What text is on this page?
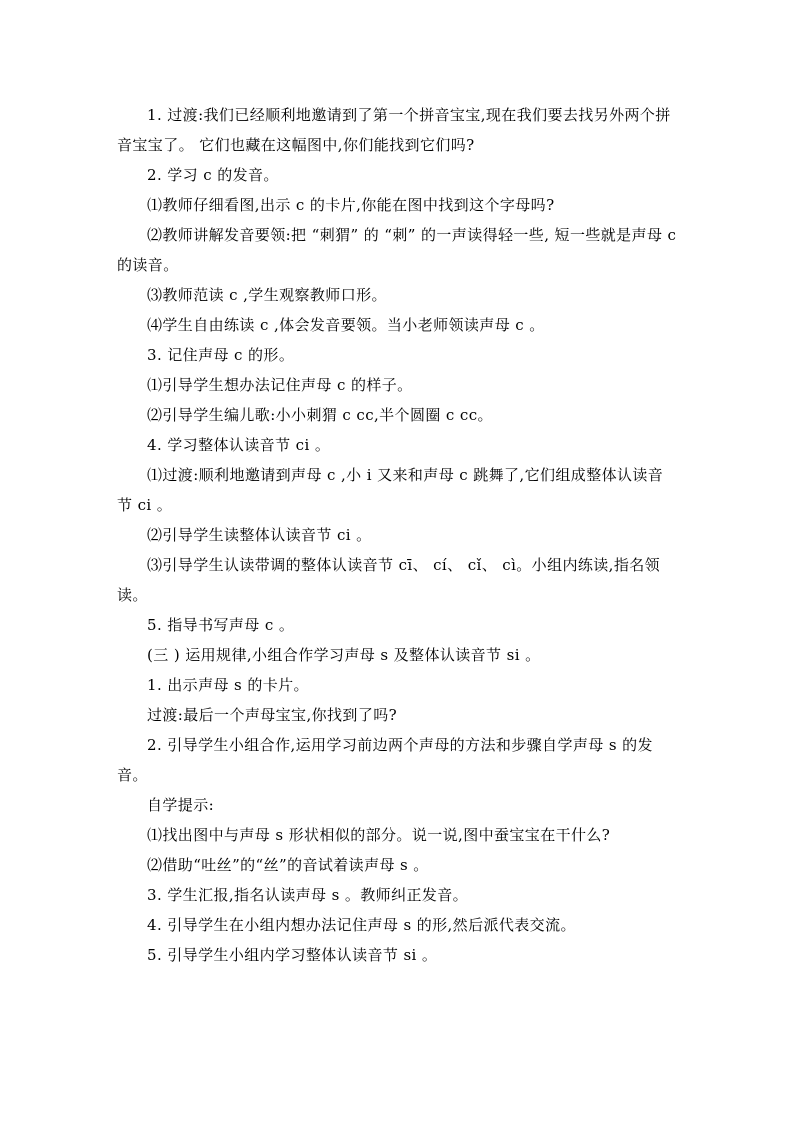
1. 过渡:我们已经顺利地邀请到了第一个拼音宝宝,现在我们要去找另外两个拼音宝宝了。 它们也藏在这幅图中,你们能找到它们吗?

2. 学习 c 的发音。

⑴教师仔细看图,出示 c 的卡片,你能在图中找到这个字母吗?

⑵教师讲解发音要领:把 “刺猬” 的 “刺” 的一声读得轻一些, 短一些就是声母 c 的读音。

⑶教师范读 c ,学生观察教师口形。

⑷学生自由练读 c ,体会发音要领。当小老师领读声母 c 。

3. 记住声母 c 的形。

⑴引导学生想办法记住声母 c 的样子。

⑵引导学生编儿歌:小小刺猬 c cc,半个圆圈 c cc。

4. 学习整体认读音节 ci 。

⑴过渡:顺利地邀请到声母 c ,小 i 又来和声母 c 跳舞了,它们组成整体认读音节 ci 。

⑵引导学生读整体认读音节 ci 。

⑶引导学生认读带调的整体认读音节 cī、 cí、 cǐ、 cì。小组内练读,指名领读。

5. 指导书写声母 c 。

(三 ) 运用规律,小组合作学习声母 s 及整体认读音节 si 。

1. 出示声母 s 的卡片。

过渡:最后一个声母宝宝,你找到了吗?

2. 引导学生小组合作,运用学习前边两个声母的方法和步骤自学声母 s 的发音。

自学提示:

⑴找出图中与声母 s 形状相似的部分。说一说,图中蚕宝宝在干什么?

⑵借助“吐丝”的“丝”的音试着读声母 s 。

3. 学生汇报,指名认读声母 s 。教师纠正发音。

4. 引导学生在小组内想办法记住声母 s 的形,然后派代表交流。

5. 引导学生小组内学习整体认读音节 si 。
